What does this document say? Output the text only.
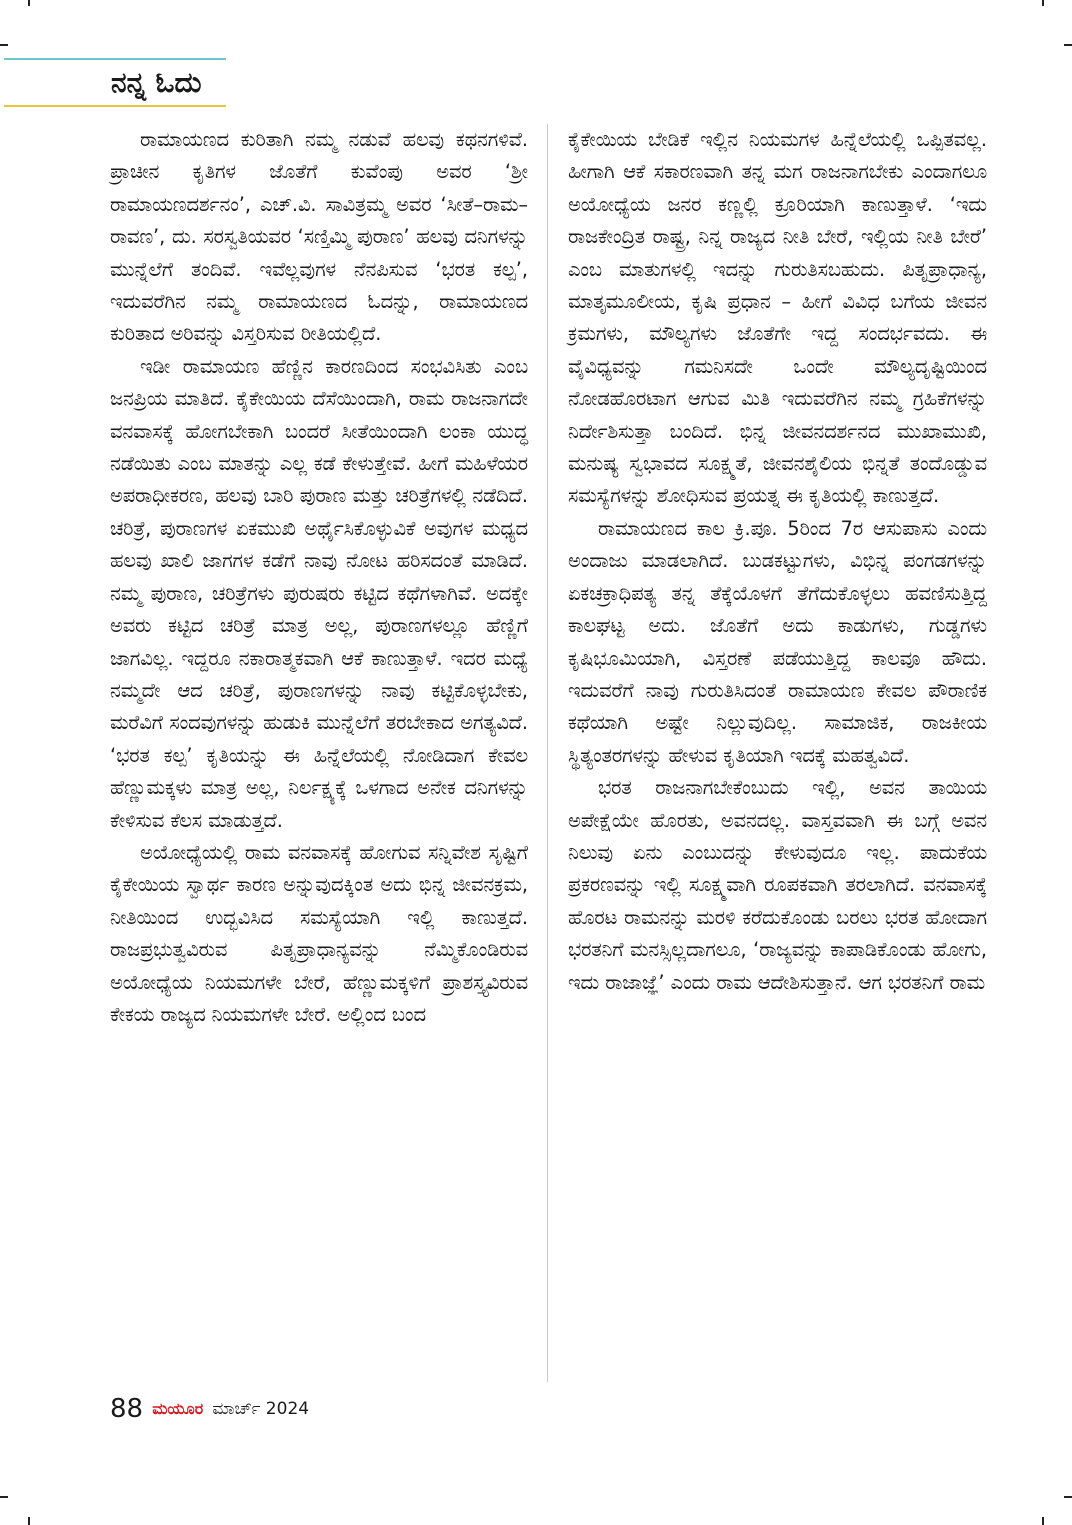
ನನ್ನ ಓದು

ರಾಮಾಯಣದ ಕುರಿತಾಗಿ ನಮ್ಮ ನಡುವೆ ಹಲವು ಕಥನಗಳಿವೆ. ಪ್ರಾಚೀನ ಕೃತಿಗಳ ಜೊತೆಗೆ ಕುವೆಂಪು ಅವರ ‘ಶ್ರೀ ರಾಮಾಯಣದರ್ಶನಂ’, ಎಚ್.ವಿ. ಸಾವಿತ್ರಮ್ಮ ಅವರ ‘ಸೀತೆ–ರಾಮ–ರಾವಣ’, ದು. ಸರಸ್ವತಿಯವರ ‘ಸಣ್ತಿಮ್ಮಿ ಪುರಾಣ’ ಹಲವು ದನಿಗಳನ್ನು ಮುನ್ನೆಲೆಗೆ ತಂದಿವೆ. ಇವೆಲ್ಲವುಗಳ ನೆನಪಿಸುವ ‘ಭರತ ಕಲ್ಪ’, ಇದುವರೆಗಿನ ನಮ್ಮ ರಾಮಾಯಣದ ಓದನ್ನು, ರಾಮಾಯಣದ ಕುರಿತಾದ ಅರಿವನ್ನು ವಿಸ್ತರಿಸುವ ರೀತಿಯಲ್ಲಿದೆ.

ಇಡೀ ರಾಮಾಯಣ ಹೆಣ್ಣಿನ ಕಾರಣದಿಂದ ಸಂಭವಿಸಿತು ಎಂಬ ಜನಪ್ರಿಯ ಮಾತಿದೆ. ಕೈಕೇಯಿಯ ದೆಸೆಯಿಂದಾಗಿ, ರಾಮ ರಾಜನಾಗದೇ ವನವಾಸಕ್ಕೆ ಹೋಗಬೇಕಾಗಿ ಬಂದರೆ ಸೀತೆಯಿಂದಾಗಿ ಲಂಕಾ ಯುದ್ಧ ನಡೆಯಿತು ಎಂಬ ಮಾತನ್ನು ಎಲ್ಲ ಕಡೆ ಕೇಳುತ್ತೇವೆ. ಹೀಗೆ ಮಹಿಳೆಯರ ಅಪರಾಧೀಕರಣ, ಹಲವು ಬಾರಿ ಪುರಾಣ ಮತ್ತು ಚರಿತ್ರೆಗಳಲ್ಲಿ ನಡೆದಿದೆ. ಚರಿತ್ರೆ, ಪುರಾಣಗಳ ಏಕಮುಖಿ ಅರ್ಥೈಸಿಕೊಳ್ಳುವಿಕೆ ಅವುಗಳ ಮಧ್ಯದ ಹಲವು ಖಾಲಿ ಜಾಗಗಳ ಕಡೆಗೆ ನಾವು ನೋಟ ಹರಿಸದಂತೆ ಮಾಡಿದೆ. ನಮ್ಮ ಪುರಾಣ, ಚರಿತ್ರೆಗಳು ಪುರುಷರು ಕಟ್ಟಿದ ಕಥೆಗಳಾಗಿವೆ. ಅದಕ್ಕೇ ಅವರು ಕಟ್ಟಿದ ಚರಿತ್ರೆ ಮಾತ್ರ ಅಲ್ಲ, ಪುರಾಣಗಳಲ್ಲೂ ಹೆಣ್ಣಿಗೆ ಜಾಗವಿಲ್ಲ. ಇದ್ದರೂ ನಕಾರಾತ್ಮಕವಾಗಿ ಆಕೆ ಕಾಣುತ್ತಾಳೆ. ಇದರ ಮಧ್ಯೆ ನಮ್ಮದೇ ಆದ ಚರಿತ್ರೆ, ಪುರಾಣಗಳನ್ನು ನಾವು ಕಟ್ಟಿಕೊಳ್ಳಬೇಕು, ಮರೆವಿಗೆ ಸಂದವುಗಳನ್ನು ಹುಡುಕಿ ಮುನ್ನೆಲೆಗೆ ತರಬೇಕಾದ ಅಗತ್ಯವಿದೆ. ‘ಭರತ ಕಲ್ಪ’ ಕೃತಿಯನ್ನು ಈ ಹಿನ್ನೆಲೆಯಲ್ಲಿ ನೋಡಿದಾಗ ಕೇವಲ ಹೆಣ್ಣುಮಕ್ಕಳು ಮಾತ್ರ ಅಲ್ಲ, ನಿರ್ಲಕ್ಷ್ಯಕ್ಕೆ ಒಳಗಾದ ಅನೇಕ ದನಿಗಳನ್ನು ಕೇಳಿಸುವ ಕೆಲಸ ಮಾಡುತ್ತದೆ.

ಅಯೋಧ್ಯೆಯಲ್ಲಿ ರಾಮ ವನವಾಸಕ್ಕೆ ಹೋಗುವ ಸನ್ನಿವೇಶ ಸೃಷ್ಟಿಗೆ ಕೈಕೇಯಿಯ ಸ್ವಾರ್ಥ ಕಾರಣ ಅನ್ನುವುದಕ್ಕಿಂತ ಅದು ಭಿನ್ನ ಜೀವನಕ್ರಮ, ನೀತಿಯಿಂದ ಉದ್ಭವಿಸಿದ ಸಮಸ್ಯೆಯಾಗಿ ಇಲ್ಲಿ ಕಾಣುತ್ತದೆ. ರಾಜಪ್ರಭುತ್ವವಿರುವ ಪಿತೃಪ್ರಾಧಾನ್ಯವನ್ನು ನೆಮ್ಮಿಕೊಂಡಿರುವ ಅಯೋಧ್ಯೆಯ ನಿಯಮಗಳೇ ಬೇರೆ, ಹೆಣ್ಣುಮಕ್ಕಳಿಗೆ ಪ್ರಾಶಸ್ತ್ಯವಿರುವ ಕೇಕಯ ರಾಜ್ಯದ ನಿಯಮಗಳೇ ಬೇರೆ. ಅಲ್ಲಿಂದ ಬಂದ

ಕೈಕೇಯಿಯ ಬೇಡಿಕೆ ಇಲ್ಲಿನ ನಿಯಮಗಳ ಹಿನ್ನೆಲೆಯಲ್ಲಿ ಒಪ್ಪಿತವಲ್ಲ. ಹೀಗಾಗಿ ಆಕೆ ಸಕಾರಣವಾಗಿ ತನ್ನ ಮಗ ರಾಜನಾಗಬೇಕು ಎಂದಾಗಲೂ ಅಯೋಧ್ಯೆಯ ಜನರ ಕಣ್ಣಲ್ಲಿ ಕ್ರೂರಿಯಾಗಿ ಕಾಣುತ್ತಾಳೆ. ‘ಇದು ರಾಜಕೇಂದ್ರಿತ ರಾಷ್ಟ್ರ, ನಿನ್ನ ರಾಜ್ಯದ ನೀತಿ ಬೇರೆ, ಇಲ್ಲಿಯ ನೀತಿ ಬೇರೆ’ ಎಂಬ ಮಾತುಗಳಲ್ಲಿ ಇದನ್ನು ಗುರುತಿಸಬಹುದು. ಪಿತೃಪ್ರಾಧಾನ್ಯ, ಮಾತೃಮೂಲೀಯ, ಕೃಷಿ ಪ್ರಧಾನ – ಹೀಗೆ ವಿವಿಧ ಬಗೆಯ ಜೀವನ ಕ್ರಮಗಳು, ಮೌಲ್ಯಗಳು ಜೊತೆಗೇ ಇದ್ದ ಸಂದರ್ಭವದು. ಈ ವೈವಿಧ್ಯವನ್ನು ಗಮನಿಸದೇ ಒಂದೇ ಮೌಲ್ಯದೃಷ್ಟಿಯಿಂದ ನೋಡಹೊರಟಾಗ ಆಗುವ ಮಿತಿ ಇದುವರೆಗಿನ ನಮ್ಮ ಗ್ರಹಿಕೆಗಳನ್ನು ನಿರ್ದೇಶಿಸುತ್ತಾ ಬಂದಿದೆ. ಭಿನ್ನ ಜೀವನದರ್ಶನದ ಮುಖಾಮುಖಿ, ಮನುಷ್ಯ ಸ್ವಭಾವದ ಸೂಕ್ಷ್ಮತೆ, ಜೀವನಶೈಲಿಯ ಭಿನ್ನತೆ ತಂದೊಡ್ಡುವ ಸಮಸ್ಯೆಗಳನ್ನು ಶೋಧಿಸುವ ಪ್ರಯತ್ನ ಈ ಕೃತಿಯಲ್ಲಿ ಕಾಣುತ್ತದೆ.

ರಾಮಾಯಣದ ಕಾಲ ಕ್ರಿ.ಪೂ. 5ರಿಂದ 7ರ ಆಸುಪಾಸು ಎಂದು ಅಂದಾಜು ಮಾಡಲಾಗಿದೆ. ಬುಡಕಟ್ಟುಗಳು, ವಿಭಿನ್ನ ಪಂಗಡಗಳನ್ನು ಏಕಚಕ್ರಾಧಿಪತ್ಯ ತನ್ನ ತೆಕ್ಕೆಯೊಳಗೆ ತೆಗೆದುಕೊಳ್ಳಲು ಹವಣಿಸುತ್ತಿದ್ದ ಕಾಲಘಟ್ಟ ಅದು. ಜೊತೆಗೆ ಅದು ಕಾಡುಗಳು, ಗುಡ್ಡಗಳು ಕೃಷಿಭೂಮಿಯಾಗಿ, ವಿಸ್ತರಣೆ ಪಡೆಯುತ್ತಿದ್ದ ಕಾಲವೂ ಹೌದು. ಇದುವರೆಗೆ ನಾವು ಗುರುತಿಸಿದಂತೆ ರಾಮಾಯಣ ಕೇವಲ ಪೌರಾಣಿಕ ಕಥೆಯಾಗಿ ಅಷ್ಟೇ ನಿಲ್ಲುವುದಿಲ್ಲ. ಸಾಮಾಜಿಕ, ರಾಜಕೀಯ ಸ್ಥಿತ್ಯಂತರಗಳನ್ನು ಹೇಳುವ ಕೃತಿಯಾಗಿ ಇದಕ್ಕೆ ಮಹತ್ವವಿದೆ.

ಭರತ ರಾಜನಾಗಬೇಕೆಂಬುದು ಇಲ್ಲಿ, ಅವನ ತಾಯಿಯ ಅಪೇಕ್ಷೆಯೇ ಹೊರತು, ಅವನದಲ್ಲ. ವಾಸ್ತವವಾಗಿ ಈ ಬಗ್ಗೆ ಅವನ ನಿಲುವು ಏನು ಎಂಬುದನ್ನು ಕೇಳುವುದೂ ಇಲ್ಲ. ಪಾದುಕೆಯ ಪ್ರಕರಣವನ್ನು ಇಲ್ಲಿ ಸೂಕ್ಷ್ಮವಾಗಿ ರೂಪಕವಾಗಿ ತರಲಾಗಿದೆ. ವನವಾಸಕ್ಕೆ ಹೊರಟ ರಾಮನನ್ನು ಮರಳಿ ಕರೆದುಕೊಂಡು ಬರಲು ಭರತ ಹೋದಾಗ ಭರತನಿಗೆ ಮನಸ್ಸಿಲ್ಲದಾಗಲೂ, ‘ರಾಜ್ಯವನ್ನು ಕಾಪಾಡಿಕೊಂಡು ಹೋಗು, ಇದು ರಾಜಾಜ್ಞೆ’ ಎಂದು ರಾಮ ಆದೇಶಿಸುತ್ತಾನೆ. ಆಗ ಭರತನಿಗೆ ರಾಮ

88 ಮಯೂರ ಮಾರ್ಚ್ 2024
